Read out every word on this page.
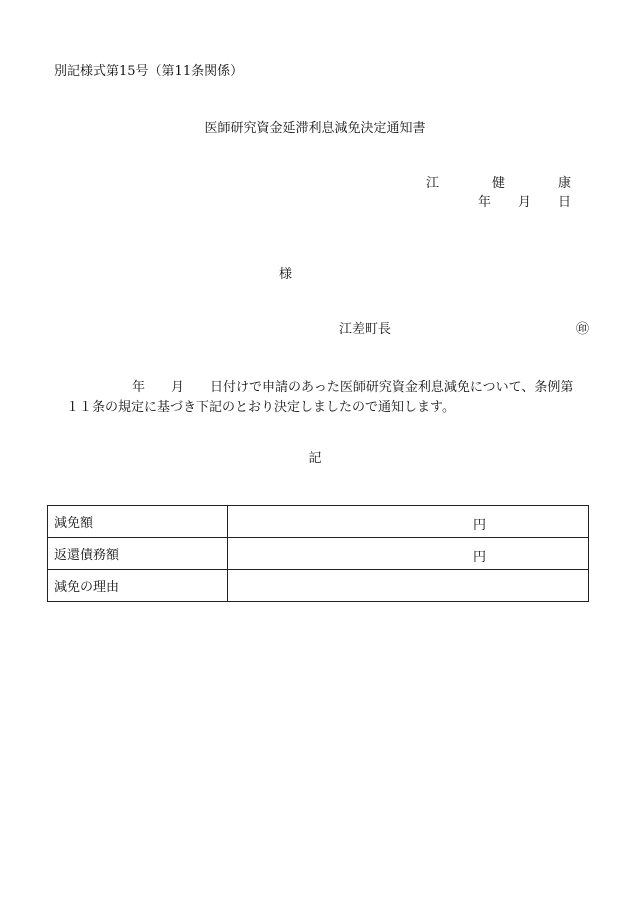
別記様式第15号（第11条関係）
医師研究資金延滞利息減免決定通知書
江	健	康
年 月 日
様
江差町長	㊞
年　　月　　日付けで申請のあった医師研究資金利息減免について、条例第
１１条の規定に基づき下記のとおり決定しましたので通知します。
記
減免額	円

返還債務額	円

減免の理由	
